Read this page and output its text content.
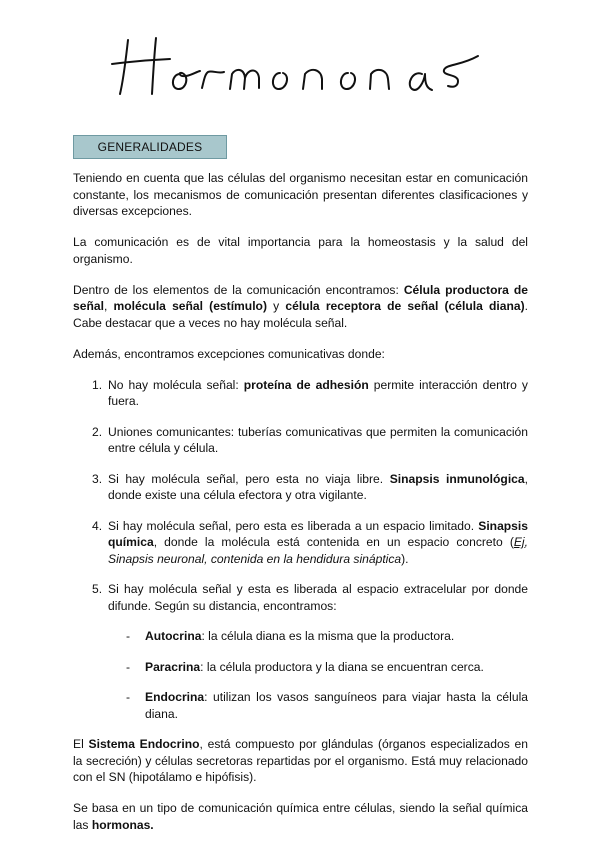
GENERALIDADES

Teniendo en cuenta que las células del organismo necesitan estar en comunicación constante, los mecanismos de comunicación presentan diferentes clasificaciones y diversas excepciones.

La comunicación es de vital importancia para la homeostasis y la salud del organismo.

Dentro de los elementos de la comunicación encontramos: Célula productora de señal, molécula señal (estímulo) y célula receptora de señal (célula diana). Cabe destacar que a veces no hay molécula señal.

Además, encontramos excepciones comunicativas donde:

1. No hay molécula señal: proteína de adhesión permite interacción dentro y fuera.
2. Uniones comunicantes: tuberías comunicativas que permiten la comunicación entre célula y célula.
3. Si hay molécula señal, pero esta no viaja libre. Sinapsis inmunológica, donde existe una célula efectora y otra vigilante.
4. Si hay molécula señal, pero esta es liberada a un espacio limitado. Sinapsis química, donde la molécula está contenida en un espacio concreto (Ej, Sinapsis neuronal, contenida en la hendidura sináptica).
5. Si hay molécula señal y esta es liberada al espacio extracelular por donde difunde. Según su distancia, encontramos:
- Autocrina: la célula diana es la misma que la productora.
- Paracrina: la célula productora y la diana se encuentran cerca.
- Endocrina: utilizan los vasos sanguíneos para viajar hasta la célula diana.

El Sistema Endocrino, está compuesto por glándulas (órganos especializados en la secreción) y células secretoras repartidas por el organismo. Está muy relacionado con el SN (hipotálamo e hipófisis).

Se basa en un tipo de comunicación química entre células, siendo la señal química las hormonas.
